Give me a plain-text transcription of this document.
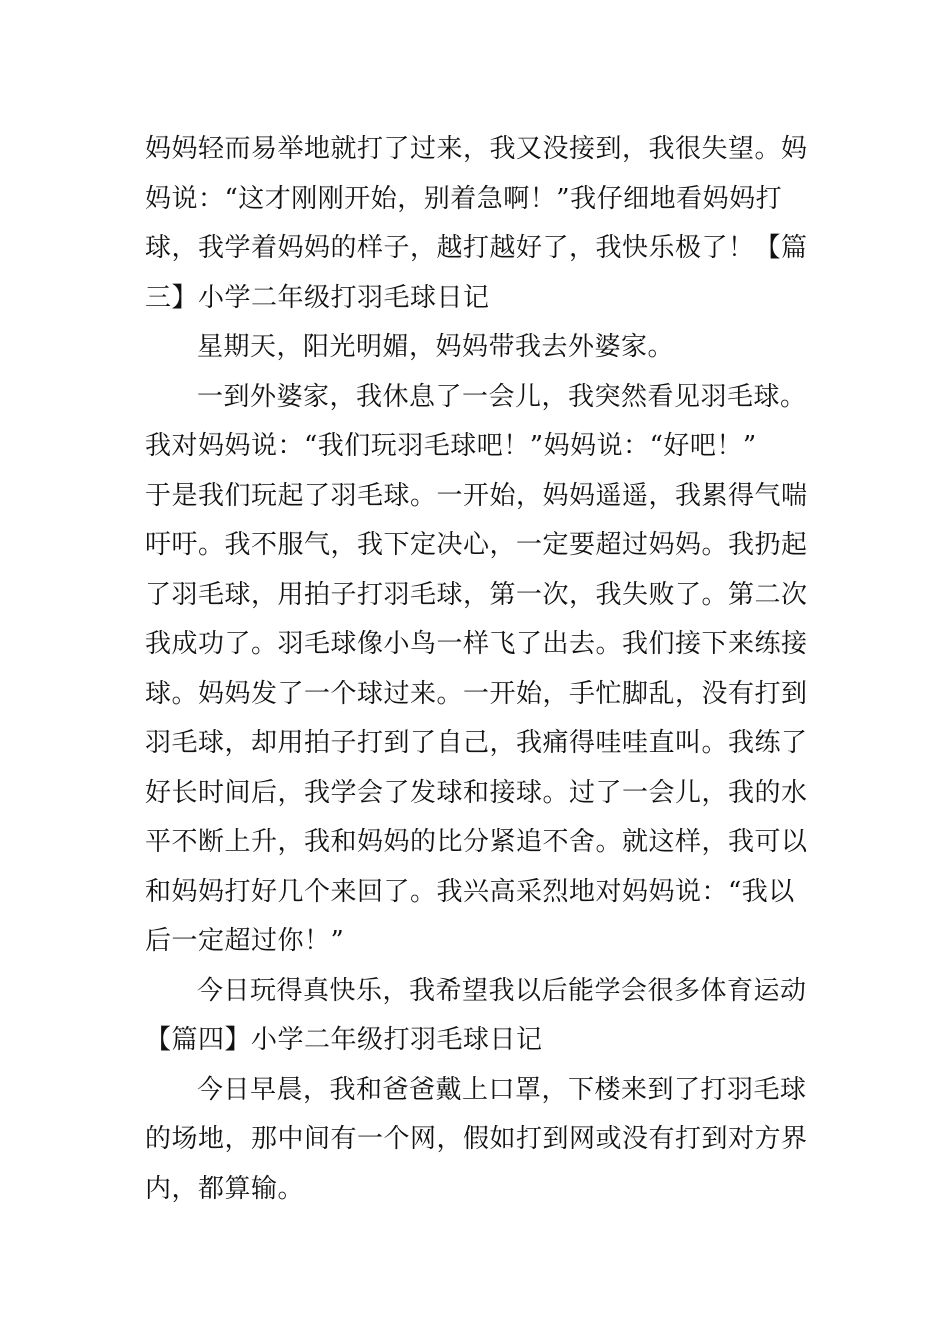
妈妈轻而易举地就打了过来，我又没接到，我很失望。妈
妈说：“这才刚刚开始，别着急啊！”我仔细地看妈妈打
球，我学着妈妈的样子，越打越好了，我快乐极了！【篇
三】小学二年级打羽毛球日记
星期天，阳光明媚，妈妈带我去外婆家。
一到外婆家，我休息了一会儿，我突然看见羽毛球。
我对妈妈说：“我们玩羽毛球吧！”妈妈说：“好吧！”
于是我们玩起了羽毛球。一开始，妈妈遥遥，我累得气喘
吁吁。我不服气，我下定决心，一定要超过妈妈。我扔起
了羽毛球，用拍子打羽毛球，第一次，我失败了。第二次
我成功了。羽毛球像小鸟一样飞了出去。我们接下来练接
球。妈妈发了一个球过来。一开始，手忙脚乱，没有打到
羽毛球，却用拍子打到了自己，我痛得哇哇直叫。我练了
好长时间后，我学会了发球和接球。过了一会儿，我的水
平不断上升，我和妈妈的比分紧追不舍。就这样，我可以
和妈妈打好几个来回了。我兴高采烈地对妈妈说：“我以
后一定超过你！”
今日玩得真快乐，我希望我以后能学会很多体育运动
【篇四】小学二年级打羽毛球日记
今日早晨，我和爸爸戴上口罩，下楼来到了打羽毛球
的场地，那中间有一个网，假如打到网或没有打到对方界
内，都算输。
